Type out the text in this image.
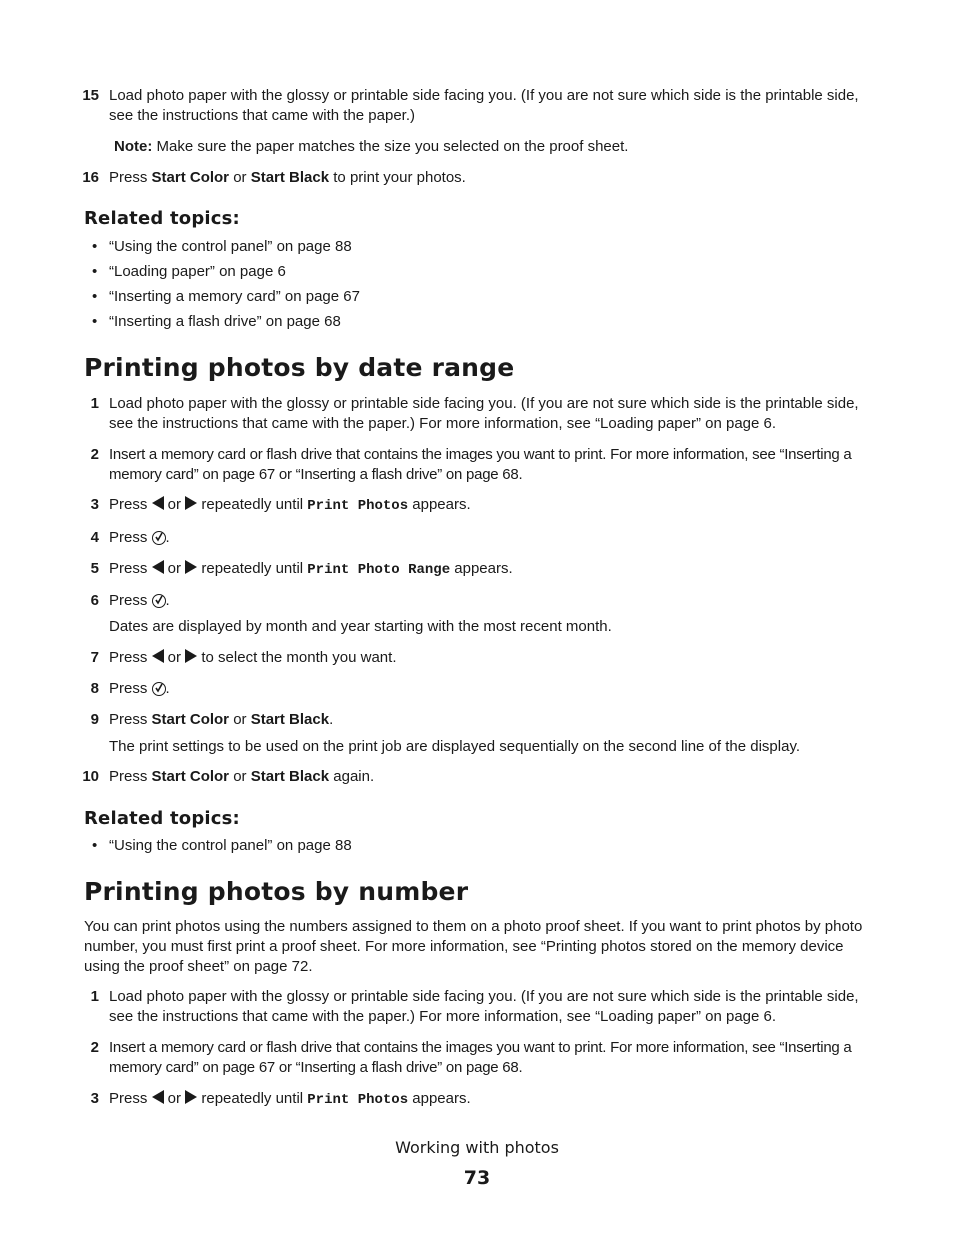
15 Load photo paper with the glossy or printable side facing you. (If you are not sure which side is the printable side, see the instructions that came with the paper.)
Note: Make sure the paper matches the size you selected on the proof sheet.
16 Press Start Color or Start Black to print your photos.
Related topics:
• “Using the control panel” on page 88
• “Loading paper” on page 6
• “Inserting a memory card” on page 67
• “Inserting a flash drive” on page 68
Printing photos by date range
1 Load photo paper with the glossy or printable side facing you. (If you are not sure which side is the printable side, see the instructions that came with the paper.) For more information, see “Loading paper” on page 6.
2 Insert a memory card or flash drive that contains the images you want to print. For more information, see “Inserting a memory card” on page 67 or “Inserting a flash drive” on page 68.
3 Press  or  repeatedly until Print Photos appears.
4 Press
.
5 Press  or  repeatedly until Print Photo Range appears.
6 Press
.
Dates are displayed by month and year starting with the most recent month.
7 Press  or  to select the month you want.
8 Press
.
9 Press Start Color or Start Black.
The print settings to be used on the print job are displayed sequentially on the second line of the display.
10 Press Start Color or Start Black again.
Related topics:
• “Using the control panel” on page 88
Printing photos by number
You can print photos using the numbers assigned to them on a photo proof sheet. If you want to print photos by photo number, you must first print a proof sheet. For more information, see “Printing photos stored on the memory device using the proof sheet” on page 72.
1 Load photo paper with the glossy or printable side facing you. (If you are not sure which side is the printable side, see the instructions that came with the paper.) For more information, see “Loading paper” on page 6.
2 Insert a memory card or flash drive that contains the images you want to print. For more information, see “Inserting a memory card” on page 67 or “Inserting a flash drive” on page 68.
3 Press  or  repeatedly until Print Photos appears.
Working with photos
73
